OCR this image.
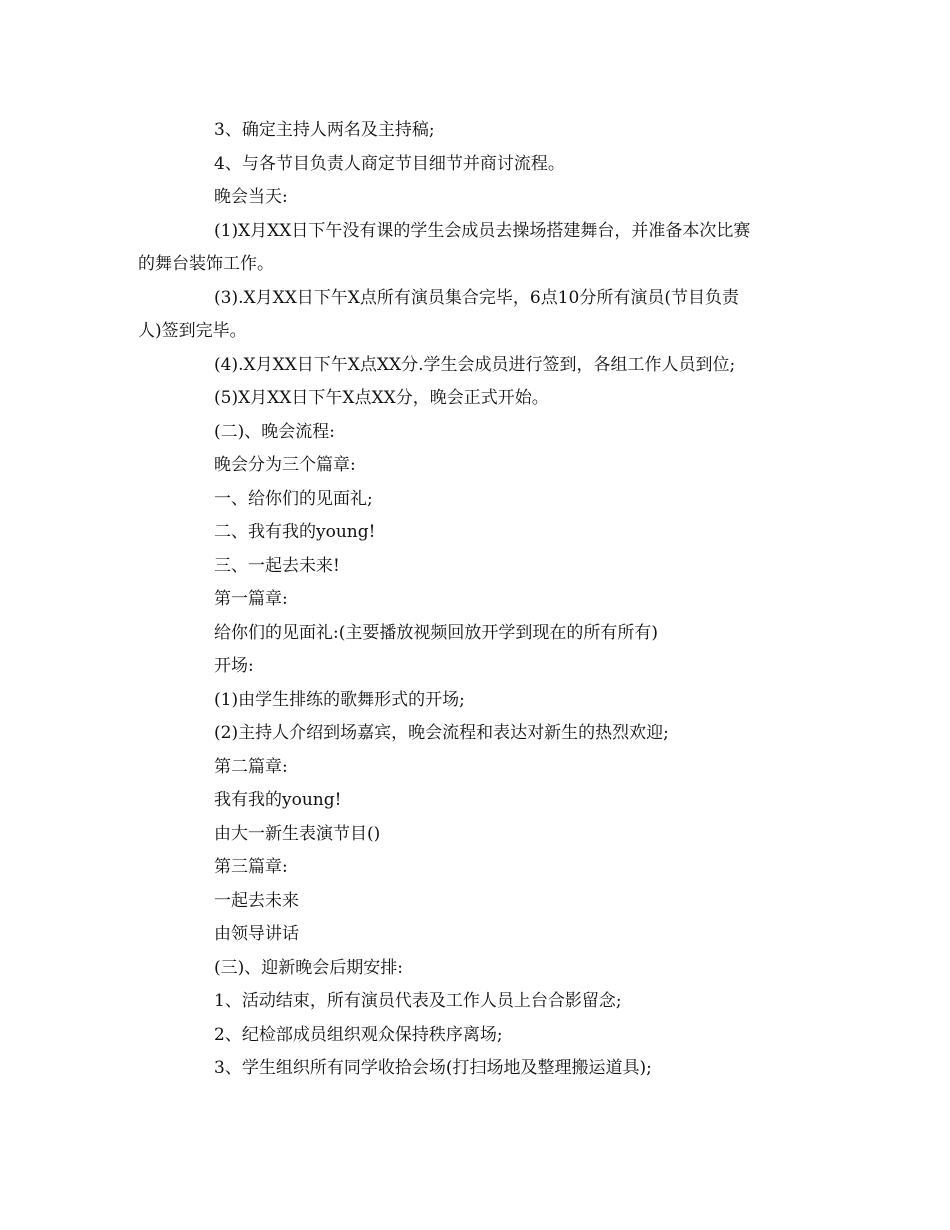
3、确定主持人两名及主持稿;
4、与各节目负责人商定节目细节并商讨流程。
晚会当天:
(1)X月XX日下午没有课的学生会成员去操场搭建舞台，并准备本次比赛
的舞台装饰工作。
(3).X月XX日下午X点所有演员集合完毕，6点10分所有演员(节目负责
人)签到完毕。
(4).X月XX日下午X点XX分.学生会成员进行签到，各组工作人员到位;
(5)X月XX日下午X点XX分，晚会正式开始。
(二)、晚会流程:
晚会分为三个篇章:
一、给你们的见面礼;
二、我有我的young!
三、一起去未来!
第一篇章:
给你们的见面礼:(主要播放视频回放开学到现在的所有所有)
开场:
(1)由学生排练的歌舞形式的开场;
(2)主持人介绍到场嘉宾，晚会流程和表达对新生的热烈欢迎;
第二篇章:
我有我的young!
由大一新生表演节目()
第三篇章:
一起去未来
由领导讲话
(三)、迎新晚会后期安排:
1、活动结束，所有演员代表及工作人员上台合影留念;
2、纪检部成员组织观众保持秩序离场;
3、学生组织所有同学收拾会场(打扫场地及整理搬运道具);
